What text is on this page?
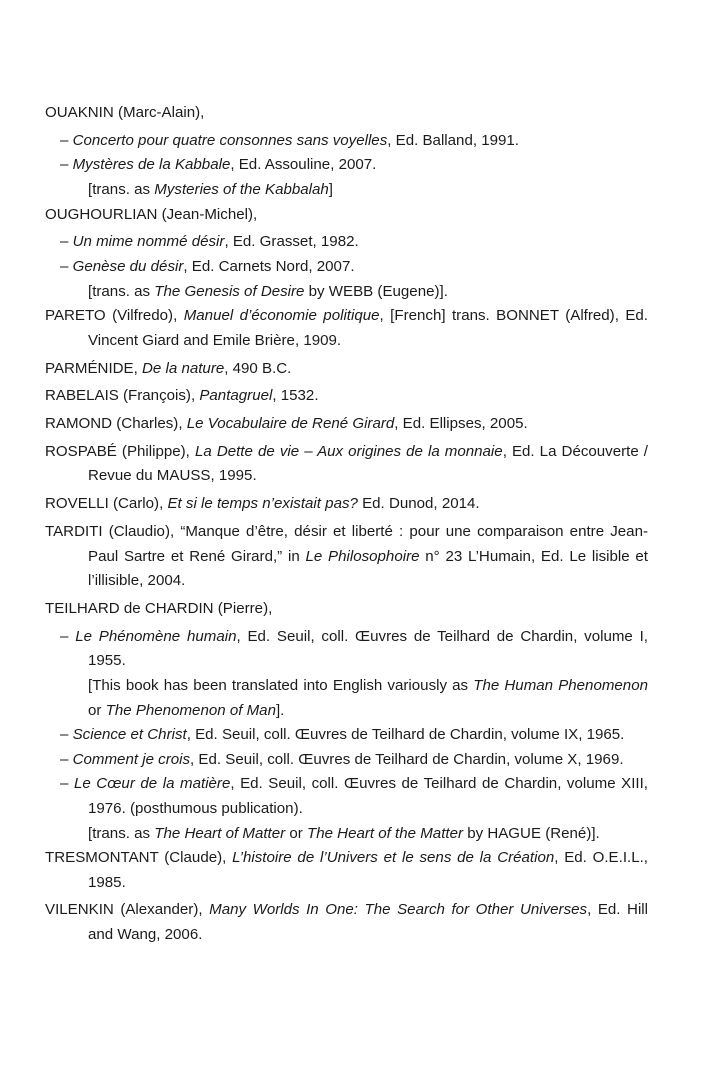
OUAKNIN (Marc-Alain),

– Concerto pour quatre consonnes sans voyelles, Ed. Balland, 1991.

– Mystères de la Kabbale, Ed. Assouline, 2007.

[trans. as Mysteries of the Kabbalah]

OUGHOURLIAN (Jean-Michel),

– Un mime nommé désir, Ed. Grasset, 1982.

– Genèse du désir, Ed. Carnets Nord, 2007.

[trans. as The Genesis of Desire by WEBB (Eugene)].

PARETO (Vilfredo), Manuel d’économie politique, [French] trans. BONNET (Alfred), Ed. Vincent Giard and Emile Brière, 1909.

PARMÉNIDE, De la nature, 490 B.C.

RABELAIS (François), Pantagruel, 1532.

RAMOND (Charles), Le Vocabulaire de René Girard, Ed. Ellipses, 2005.

ROSPABÉ (Philippe), La Dette de vie – Aux origines de la monnaie, Ed. La Découverte / Revue du MAUSS, 1995.

ROVELLI (Carlo), Et si le temps n’existait pas? Ed. Dunod, 2014.

TARDITI (Claudio), “Manque d’être, désir et liberté : pour une comparaison entre Jean-Paul Sartre et René Girard,” in Le Philosophoire n° 23 L’Humain, Ed. Le lisible et l’illisible, 2004.

TEILHARD de CHARDIN (Pierre),

– Le Phénomène humain, Ed. Seuil, coll. Œuvres de Teilhard de Chardin, volume I, 1955.

[This book has been translated into English variously as The Human Phenomenon or The Phenomenon of Man].

– Science et Christ, Ed. Seuil, coll. Œuvres de Teilhard de Chardin, volume IX, 1965.

– Comment je crois, Ed. Seuil, coll. Œuvres de Teilhard de Chardin, volume X, 1969.

– Le Cœur de la matière, Ed. Seuil, coll. Œuvres de Teilhard de Chardin, volume XIII, 1976. (posthumous publication).

[trans. as The Heart of Matter or The Heart of the Matter by HAGUE (René)].

TRESMONTANT (Claude), L’histoire de l’Univers et le sens de la Création, Ed. O.E.I.L., 1985.

VILENKIN (Alexander), Many Worlds In One: The Search for Other Universes, Ed. Hill and Wang, 2006.
